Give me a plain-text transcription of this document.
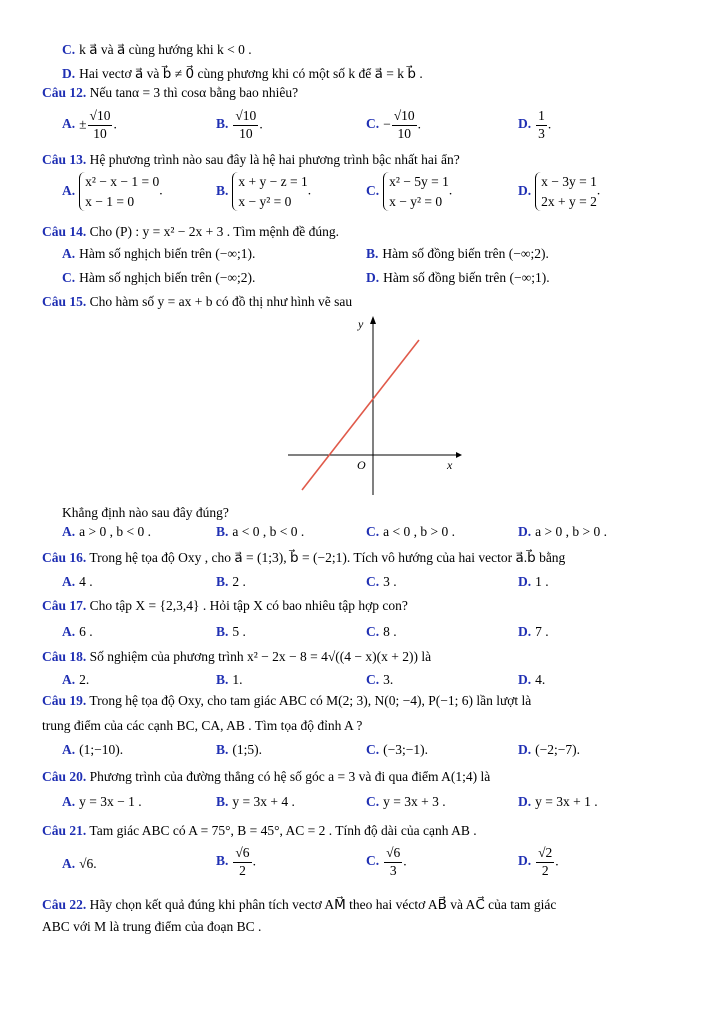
C. k a⃗ và a⃗ cùng hướng khi k < 0 .
D. Hai vectơ a⃗ và b⃗ ≠ 0⃗ cùng phương khi có một số k để a⃗ = k b⃗ .
Câu 12. Nếu tanα = 3 thì cosα bằng bao nhiêu?
A. ± $\frac{√10}{10}$ .	B. $\frac{√10}{10}$ .	C. − $\frac{√10}{10}$ .	D. $\frac{1}{3}$ .
Câu 13. Hệ phương trình nào sau đây là hệ hai phương trình bậc nhất hai ẩn?
A.
x² − x − 1 = 0
x − 1 = 0
.	B.
x + y − z = 1
x − y² = 0
.	C.
x² − 5y = 1
x − y² = 0
.	D.
x − 3y = 1
2x + y = 2
.
Câu 14. Cho (P) : y = x² − 2x + 3 . Tìm mệnh đề đúng.
A. Hàm số nghịch biến trên (−∞;1).	B. Hàm số đồng biến trên (−∞;2).
C. Hàm số nghịch biến trên (−∞;2).	D. Hàm số đồng biến trên (−∞;1).
Câu 15. Cho hàm số y = ax + b có đồ thị như hình vẽ sau
y
x
O
Khẳng định nào sau đây đúng?
A. a > 0 , b < 0 .	B. a < 0 , b < 0 .	C. a < 0 , b > 0 .	D. a > 0 , b > 0 .
Câu 16. Trong hệ tọa độ Oxy , cho a⃗ = (1;3), b⃗ = (−2;1). Tích vô hướng của hai vector a⃗.b⃗ bằng
A. 4 .	B. 2 .	C. 3 .	D. 1 .
Câu 17. Cho tập X = {2,3,4} . Hỏi tập X có bao nhiêu tập hợp con?
A. 6 .	B. 5 .	C. 8 .	D. 7 .
Câu 18. Số nghiệm của phương trình x² − 2x − 8 = 4√((4 − x)(x + 2)) là
A. 2.	B. 1.	C. 3.	D. 4.
Câu 19. Trong hệ tọa độ Oxy, cho tam giác ABC có M(2; 3), N(0; −4), P(−1; 6) lần lượt là
trung điểm của các cạnh BC, CA, AB . Tìm tọa độ đỉnh A ?
A. (1;−10).	B. (1;5).	C. (−3;−1).	D. (−2;−7).
Câu 20. Phương trình của đường thẳng có hệ số góc a = 3 và đi qua điểm A(1;4) là
A. y = 3x − 1 .	B. y = 3x + 4 .	C. y = 3x + 3 .	D. y = 3x + 1 .
Câu 21. Tam giác ABC có A = 75°, B = 45°, AC = 2 . Tính độ dài của cạnh AB .
A. √6.	B. $\frac{√6}{2}$ .	C. $\frac{√6}{3}$ .	D. $\frac{√2}{2}$ .
Câu 22. Hãy chọn kết quả đúng khi phân tích vectơ AM⃗ theo hai véctơ AB⃗ và AC⃗ của tam giác
ABC với M là trung điểm của đoạn BC .
